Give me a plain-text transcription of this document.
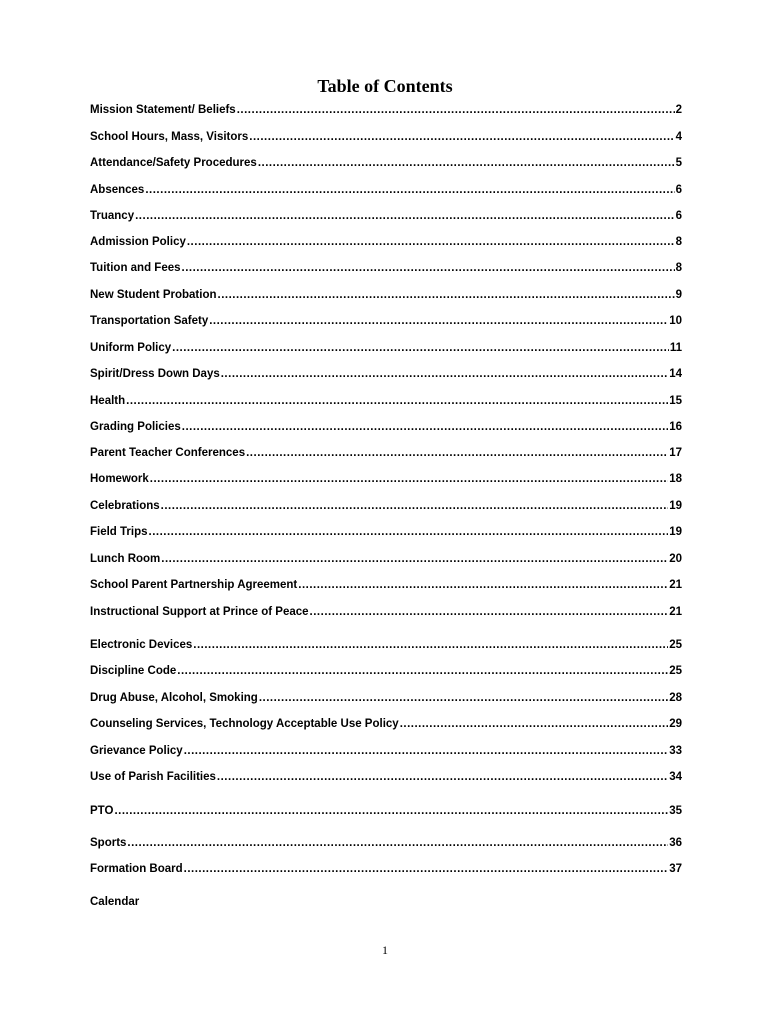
Table of Contents
Mission Statement/ Beliefs .....	2
School Hours, Mass, Visitors .....	4
Attendance/Safety Procedures .....	5
Absences .....	6
Truancy .....	6
Admission Policy .....	8
Tuition and Fees .....	8
New Student Probation .....	9
Transportation Safety .....	10
Uniform Policy .....	11
Spirit/Dress Down Days .....	14
Health .....	15
Grading Policies .....	16
Parent Teacher Conferences .....	17
Homework .....	18
Celebrations .....	19
Field Trips .....	19
Lunch Room .....	20
School Parent Partnership Agreement .....	21
Instructional Support at Prince of Peace .....	21
Electronic Devices .....	25
Discipline Code .....	25
Drug Abuse, Alcohol, Smoking .....	28
Counseling Services, Technology Acceptable Use Policy .....	29
Grievance Policy .....	33
Use of Parish Facilities .....	34
PTO .....	35
Sports .....	36
Formation Board .....	37
Calendar
1
